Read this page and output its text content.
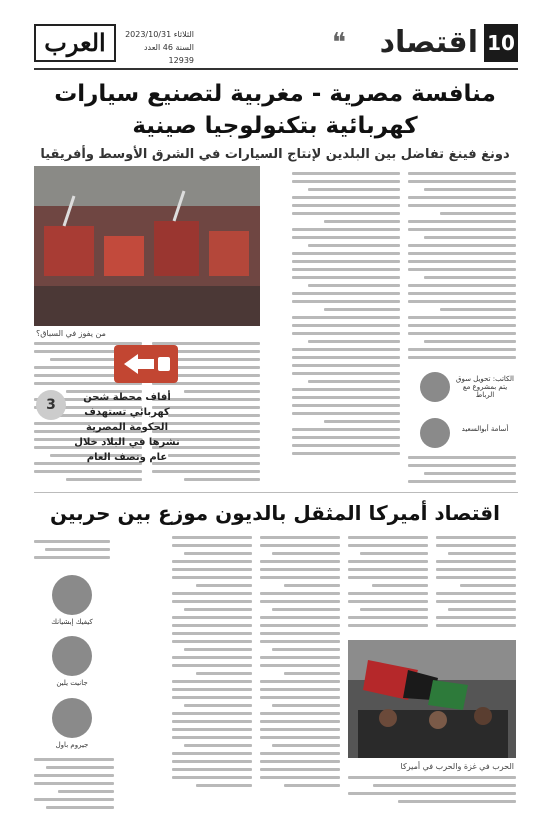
10
اقتصاد
❝
العرب	الثلاثاء 2023/10/31
السنة 46 العدد 12939
منافسة مصرية - مغربية لتصنيع سيارات كهربائية بتكنولوجيا صينية
دونغ فينغ تفاضل بين البلدين لإنتاج السيارات في الشرق الأوسط وأفريقيا
الكاتب: تحويل سوق يتم بمشروع مع الرباط
أسامة أبوالسعيد
من يفوز في السباق؟
3	أفاف محطة شحن كهربائي تستهدف الحكومة المصرية نشرها في البلاد خلال عام ونصف العام
اقتصاد أميركا المثقل بالديون موزع بين حربين
الحرب في غزة والحرب في أميركا
كيفيك إبشيانك
جانيت يلين
جيروم باول
